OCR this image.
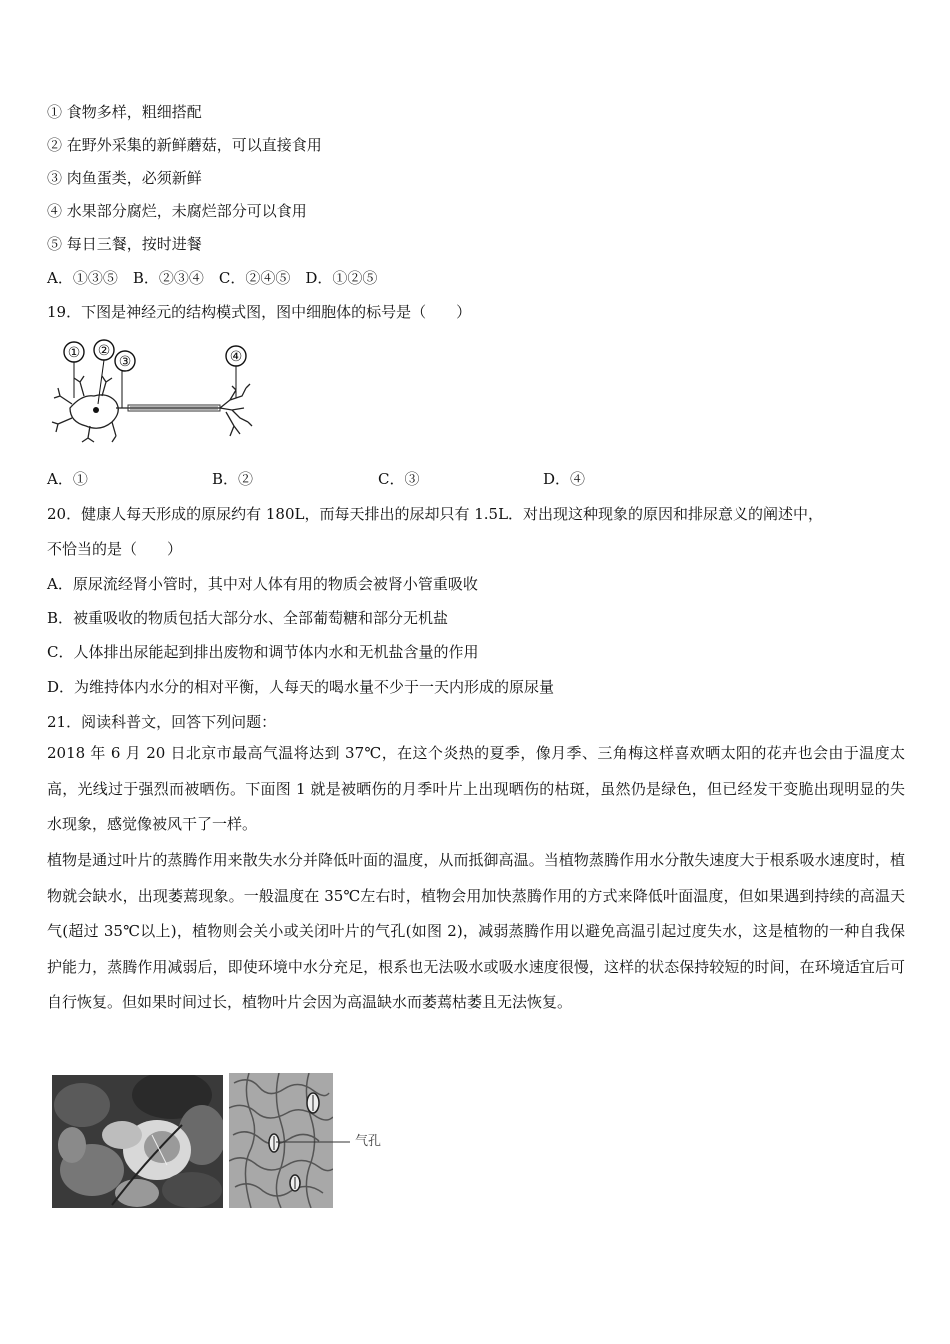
① 食物多样，粗细搭配
② 在野外采集的新鲜蘑菇，可以直接食用
③ 肉鱼蛋类，必须新鲜
④ 水果部分腐烂，未腐烂部分可以食用
⑤ 每日三餐，按时进餐
A．①③⑤　B．②③④　C．②④⑤　D．①②⑤
19．下图是神经元的结构模式图，图中细胞体的标号是（　　）
① ②
③	④
A．①	B．②	C．③	D．④
20．健康人每天形成的原尿约有 180L，而每天排出的尿却只有 1.5L．对出现这种现象的原因和排尿意义的阐述中，
不恰当的是（　　）
A．原尿流经肾小管时，其中对人体有用的物质会被肾小管重吸收
B．被重吸收的物质包括大部分水、全部葡萄糖和部分无机盐
C．人体排出尿能起到排出废物和调节体内水和无机盐含量的作用
D．为维持体内水分的相对平衡，人每天的喝水量不少于一天内形成的原尿量
21．阅读科普文，回答下列问题：
2018 年 6 月 20 日北京市最高气温将达到 37℃，在这个炎热的夏季，像月季、三角梅这样喜欢晒太阳的花卉也会由于温度太高，光线过于强烈而被晒伤。下面图 1 就是被晒伤的月季叶片上出现晒伤的枯斑，虽然仍是绿色，但已经发干变脆出现明显的失水现象，感觉像被风干了一样。
植物是通过叶片的蒸腾作用来散失水分并降低叶面的温度，从而抵御高温。当植物蒸腾作用水分散失速度大于根系吸水速度时，植物就会缺水，出现萎蔫现象。一般温度在 35℃左右时，植物会用加快蒸腾作用的方式来降低叶面温度，但如果遇到持续的高温天气(超过 35℃以上)，植物则会关小或关闭叶片的气孔(如图 2)，减弱蒸腾作用以避免高温引起过度失水，这是植物的一种自我保护能力，蒸腾作用减弱后，即使环境中水分充足，根系也无法吸水或吸水速度很慢，这样的状态保持较短的时间，在环境适宜后可自行恢复。但如果时间过长，植物叶片会因为高温缺水而萎蔫枯萎且无法恢复。
气孔
